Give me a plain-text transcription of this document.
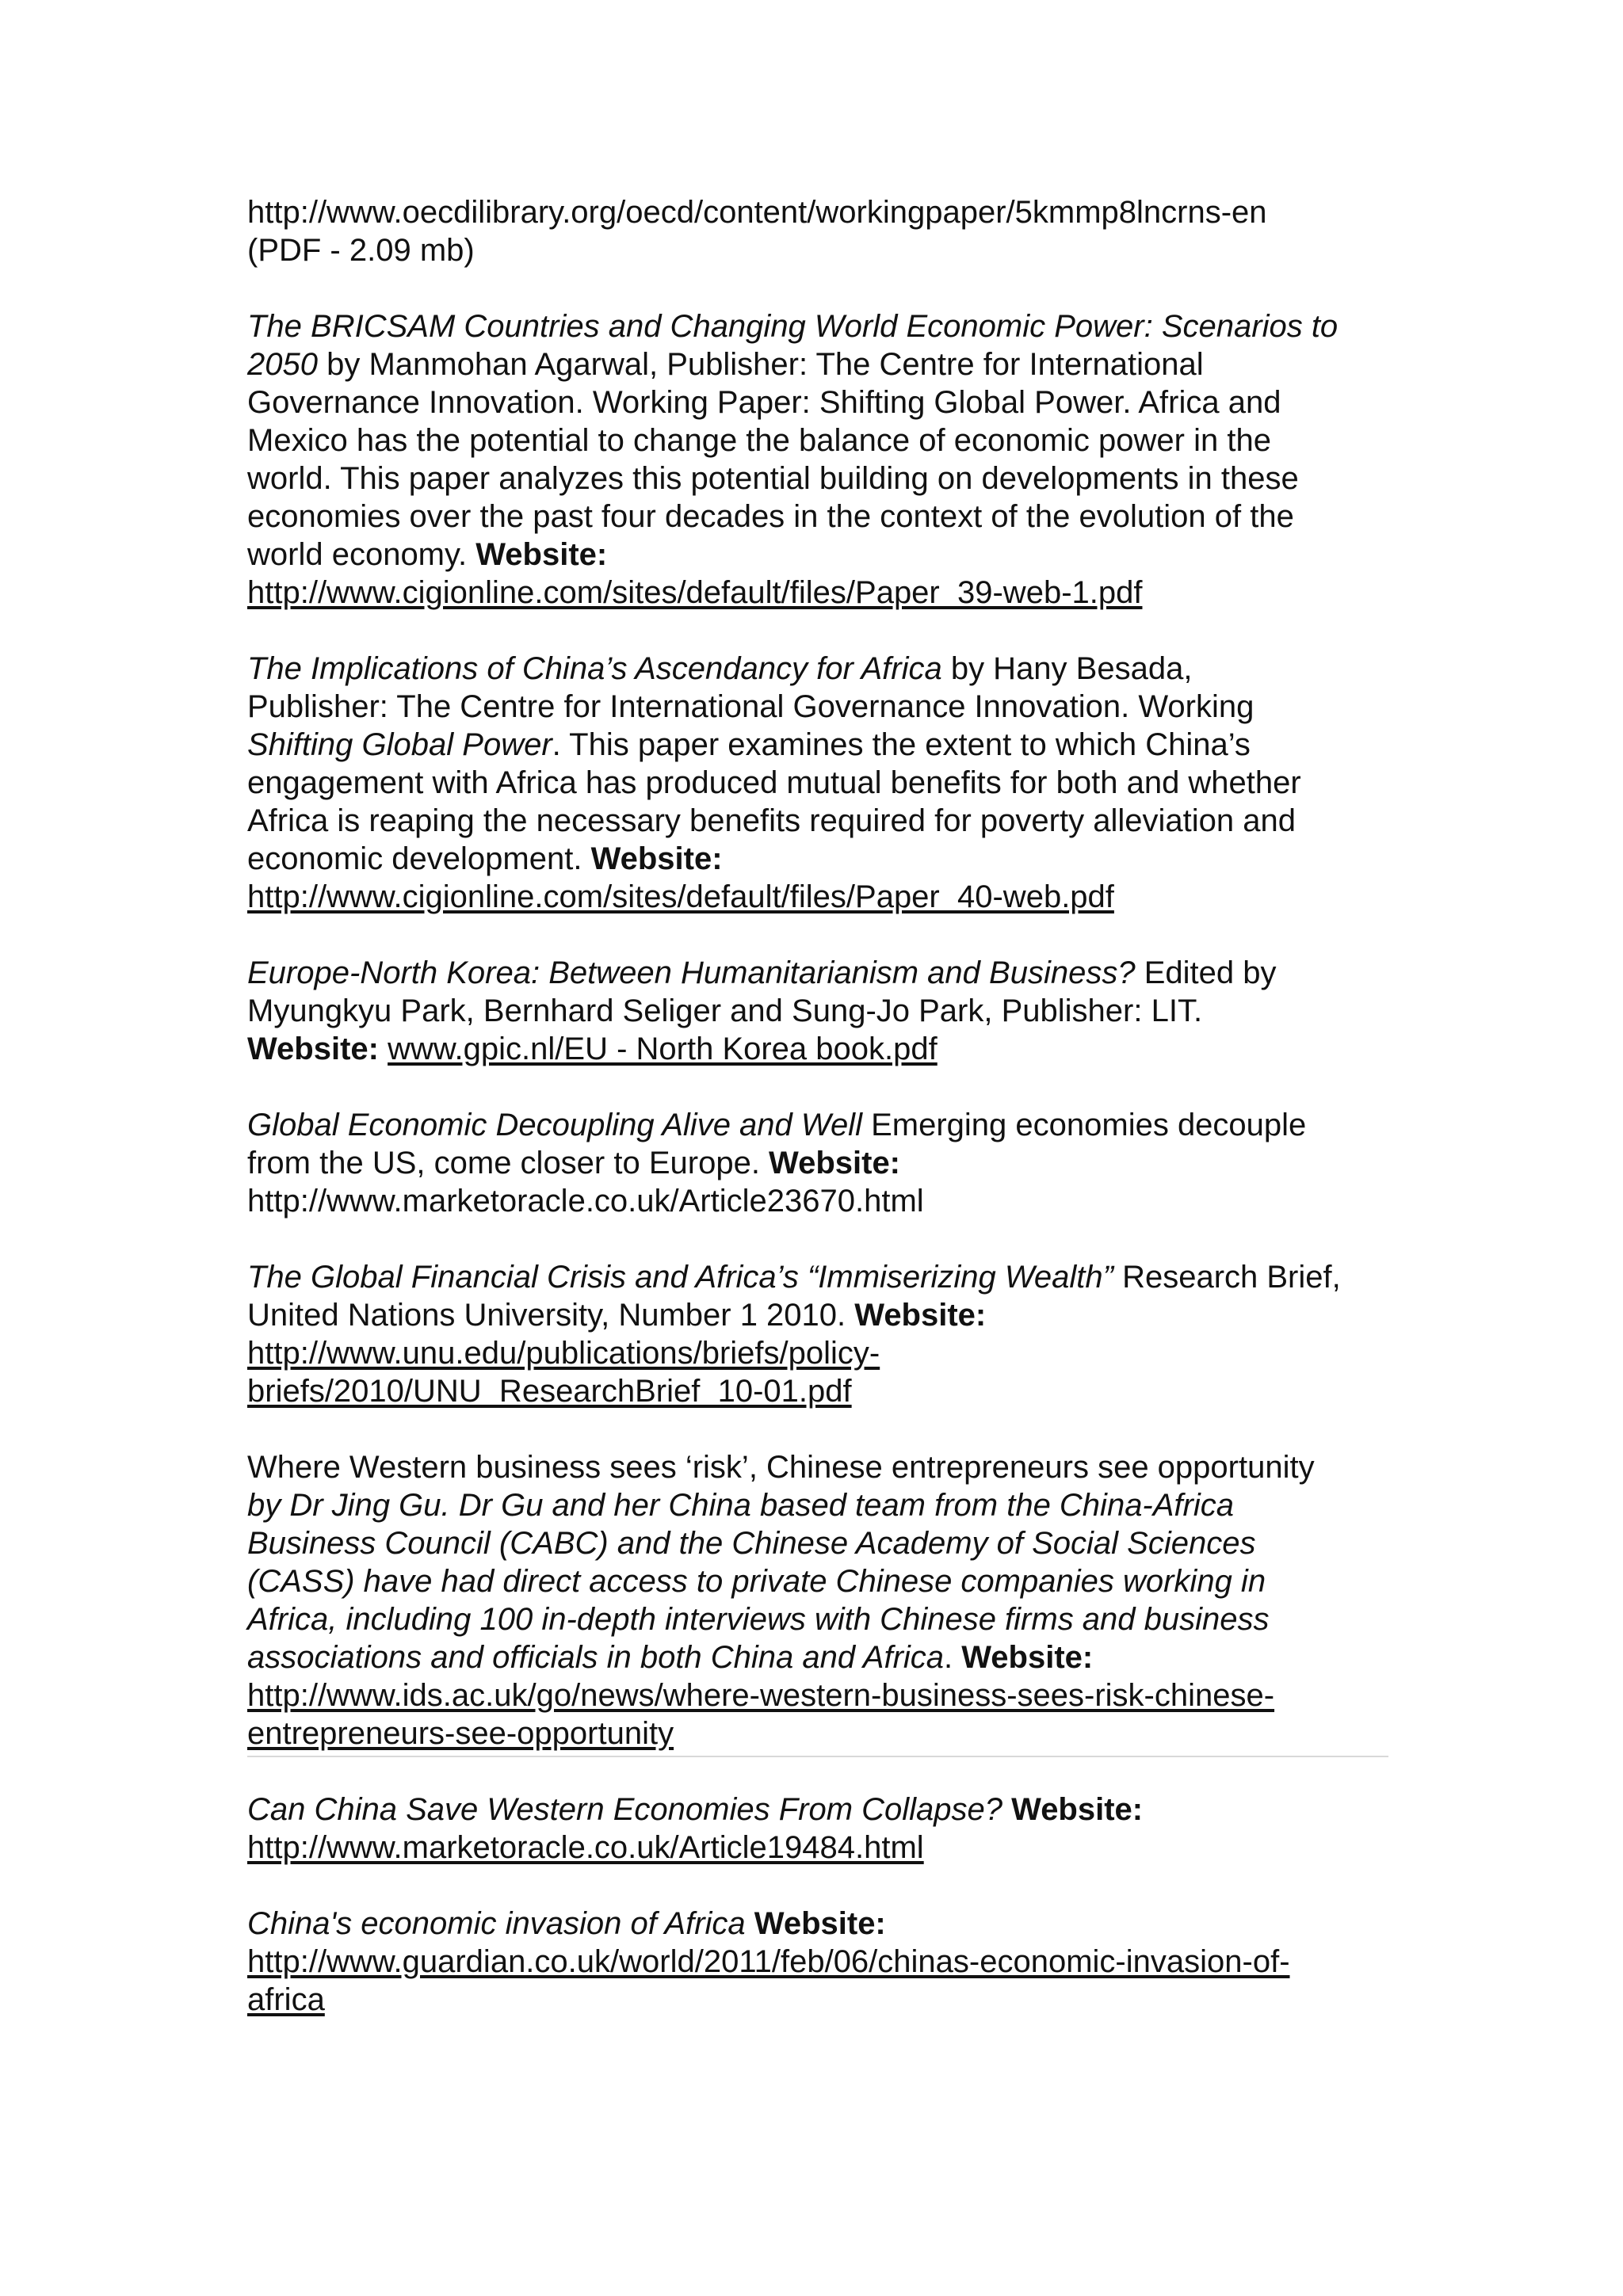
http://www.oecdilibrary.org/oecd/content/workingpaper/5kmmp8lncrns-en
(PDF - 2.09 mb)
The BRICSAM Countries and Changing World Economic Power: Scenarios to
2050 by Manmohan Agarwal, Publisher: The Centre for International
Governance Innovation. Working Paper: Shifting Global Power. Africa and
Mexico has the potential to change the balance of economic power in the
world. This paper analyzes this potential building on developments in these
economies over the past four decades in the context of the evolution of the
world economy. Website:
http://www.cigionline.com/sites/default/files/Paper_39-web-1.pdf
The Implications of China’s Ascendancy for Africa by Hany Besada,
Publisher: The Centre for International Governance Innovation. Working
Shifting Global Power. This paper examines the extent to which China’s
engagement with Africa has produced mutual benefits for both and whether
Africa is reaping the necessary benefits required for poverty alleviation and
economic development. Website:
http://www.cigionline.com/sites/default/files/Paper_40-web.pdf
Europe-North Korea: Between Humanitarianism and Business? Edited by
Myungkyu Park, Bernhard Seliger and Sung-Jo Park, Publisher: LIT.
Website: www.gpic.nl/EU - North Korea book.pdf
Global Economic Decoupling Alive and Well Emerging economies decouple
from the US, come closer to Europe. Website:
http://www.marketoracle.co.uk/Article23670.html
The Global Financial Crisis and Africa’s “Immiserizing Wealth” Research Brief,
United Nations University, Number 1 2010. Website:
http://www.unu.edu/publications/briefs/policy-
briefs/2010/UNU_ResearchBrief_10-01.pdf
Where Western business sees ‘risk’, Chinese entrepreneurs see opportunity
by Dr Jing Gu. Dr Gu and her China based team from the China-Africa
Business Council (CABC) and the Chinese Academy of Social Sciences
(CASS) have had direct access to private Chinese companies working in
Africa, including 100 in-depth interviews with Chinese firms and business
associations and officials in both China and Africa. Website:
http://www.ids.ac.uk/go/news/where-western-business-sees-risk-chinese-
entrepreneurs-see-opportunity
Can China Save Western Economies From Collapse? Website:
http://www.marketoracle.co.uk/Article19484.html
China's economic invasion of Africa Website:
http://www.guardian.co.uk/world/2011/feb/06/chinas-economic-invasion-of-
africa
